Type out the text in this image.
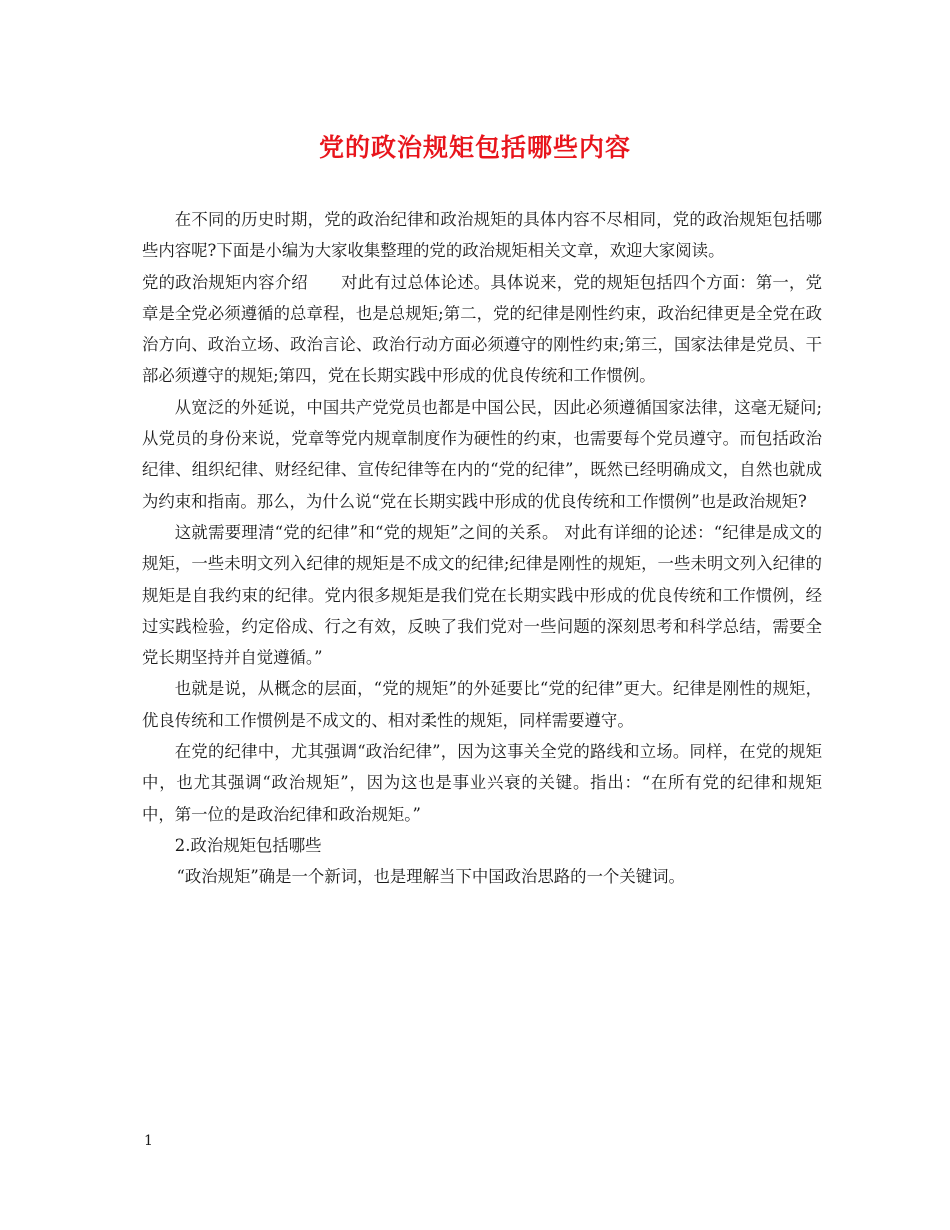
党的政治规矩包括哪些内容

在不同的历史时期，党的政治纪律和政治规矩的具体内容不尽相同，党的政治规矩包括哪些内容呢?下面是小编为大家收集整理的党的政治规矩相关文章，欢迎大家阅读。

党的政治规矩内容介绍　　对此有过总体论述。具体说来，党的规矩包括四个方面：第一，党章是全党必须遵循的总章程，也是总规矩;第二，党的纪律是刚性约束，政治纪律更是全党在政治方向、政治立场、政治言论、政治行动方面必须遵守的刚性约束;第三，国家法律是党员、干部必须遵守的规矩;第四，党在长期实践中形成的优良传统和工作惯例。

从宽泛的外延说，中国共产党党员也都是中国公民，因此必须遵循国家法律，这毫无疑问;从党员的身份来说，党章等党内规章制度作为硬性的约束，也需要每个党员遵守。而包括政治纪律、组织纪律、财经纪律、宣传纪律等在内的“党的纪律”，既然已经明确成文，自然也就成为约束和指南。那么，为什么说“党在长期实践中形成的优良传统和工作惯例”也是政治规矩?

这就需要理清“党的纪律”和“党的规矩”之间的关系。 对此有详细的论述：“纪律是成文的规矩，一些未明文列入纪律的规矩是不成文的纪律;纪律是刚性的规矩，一些未明文列入纪律的规矩是自我约束的纪律。党内很多规矩是我们党在长期实践中形成的优良传统和工作惯例，经过实践检验，约定俗成、行之有效，反映了我们党对一些问题的深刻思考和科学总结，需要全党长期坚持并自觉遵循。”

也就是说，从概念的层面，“党的规矩”的外延要比“党的纪律”更大。纪律是刚性的规矩，优良传统和工作惯例是不成文的、相对柔性的规矩，同样需要遵守。

在党的纪律中，尤其强调“政治纪律”，因为这事关全党的路线和立场。同样，在党的规矩中，也尤其强调“政治规矩”，因为这也是事业兴衰的关键。指出：“在所有党的纪律和规矩中，第一位的是政治纪律和政治规矩。”

2.政治规矩包括哪些

“政治规矩”确是一个新词，也是理解当下中国政治思路的一个关键词。

1
